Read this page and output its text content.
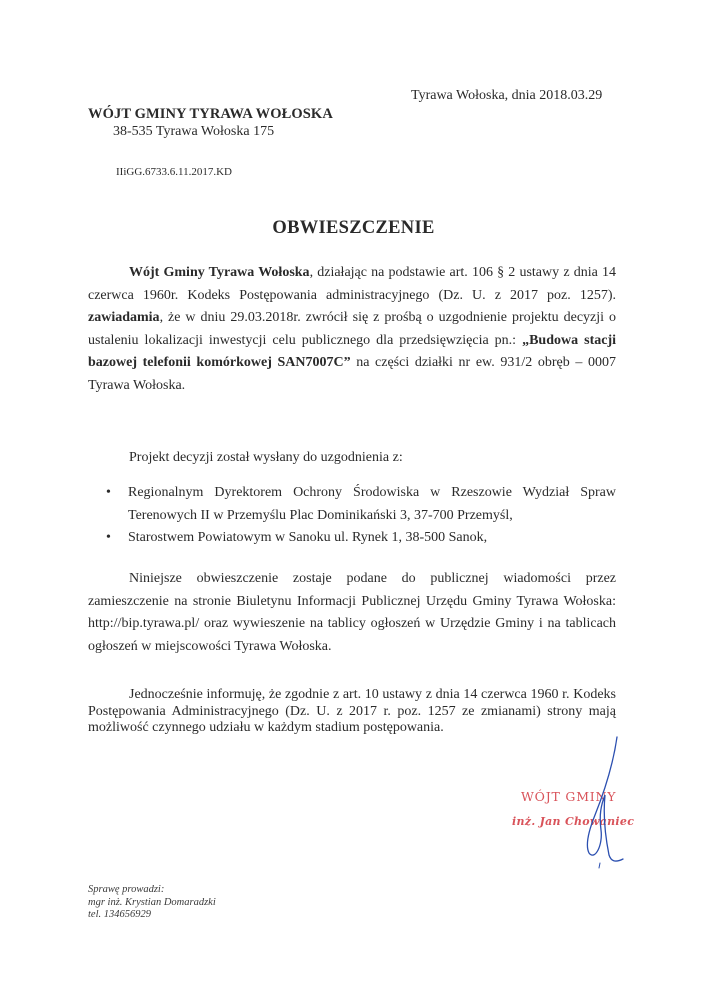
Tyrawa Wołoska, dnia 2018.03.29
WÓJT GMINY TYRAWA WOŁOSKA
38-535 Tyrawa Wołoska 175
IIiGG.6733.6.11.2017.KD
OBWIESZCZENIE
Wójt Gminy Tyrawa Wołoska, działając na podstawie art. 106 § 2 ustawy z dnia 14 czerwca 1960r. Kodeks Postępowania administracyjnego (Dz. U. z 2017 poz. 1257). zawiadamia, że w dniu 29.03.2018r. zwrócił się z prośbą o uzgodnienie projektu decyzji o ustaleniu lokalizacji inwestycji celu publicznego dla przedsięwzięcia pn.: „Budowa stacji bazowej telefonii komórkowej SAN7007C” na części działki nr ew. 931/2 obręb – 0007 Tyrawa Wołoska.
Projekt decyzji został wysłany do uzgodnienia z:
•	Regionalnym Dyrektorem Ochrony Środowiska w Rzeszowie Wydział Spraw Terenowych II w Przemyślu Plac Dominikański 3, 37-700 Przemyśl,
•	Starostwem Powiatowym w Sanoku ul. Rynek 1, 38-500 Sanok,
Niniejsze obwieszczenie zostaje podane do publicznej wiadomości przez zamieszczenie na stronie Biuletynu Informacji Publicznej Urzędu Gminy Tyrawa Wołoska: http://bip.tyrawa.pl/ oraz wywieszenie na tablicy ogłoszeń w Urzędzie Gminy i na tablicach ogłoszeń w miejscowości Tyrawa Wołoska.
Jednocześnie informuję, że zgodnie z art. 10 ustawy z dnia 14 czerwca 1960 r. Kodeks Postępowania Administracyjnego (Dz. U. z 2017 r. poz. 1257 ze zmianami) strony mają możliwość czynnego udziału w każdym stadium postępowania.
WÓJT GMINY
inż. Jan Chowaniec
Sprawę prowadzi:
mgr inż. Krystian Domaradzki
tel. 134656929
